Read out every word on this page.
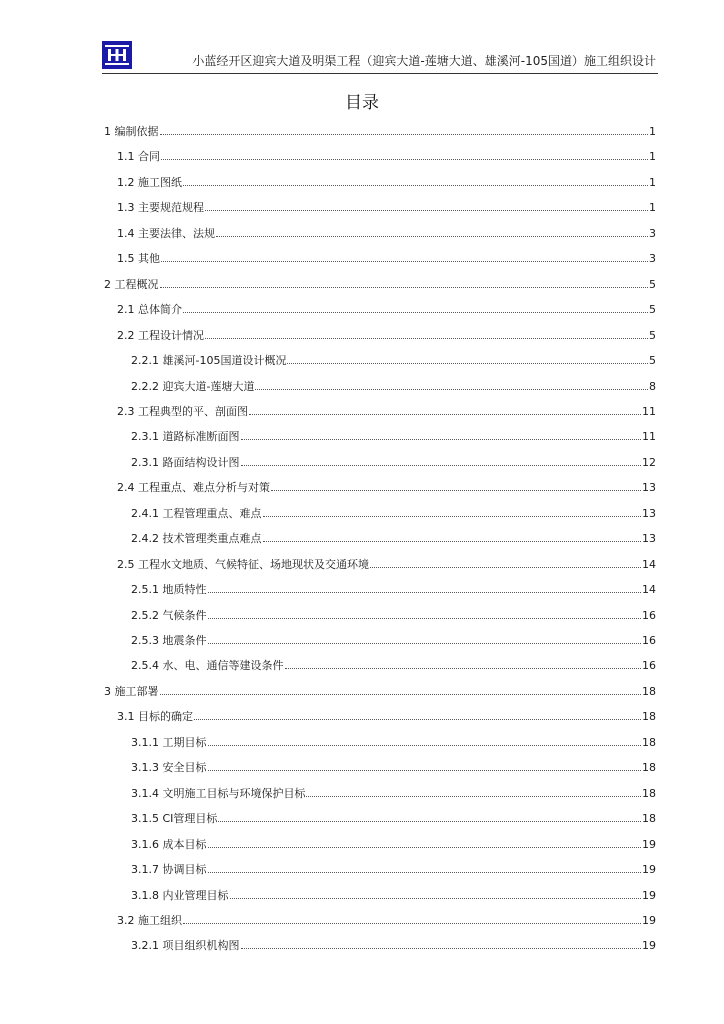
小蓝经开区迎宾大道及明渠工程（迎宾大道-莲塘大道、雄溪河-105国道）施工组织设计
目录
1 编制依据	1
1.1 合同	1
1.2 施工图纸	1
1.3 主要规范规程	1
1.4 主要法律、法规	3
1.5 其他	3
2 工程概况	5
2.1 总体简介	5
2.2 工程设计情况	5
2.2.1 雄溪河-105国道设计概况	5
2.2.2 迎宾大道-莲塘大道	8
2.3 工程典型的平、剖面图	11
2.3.1 道路标准断面图	11
2.3.1 路面结构设计图	12
2.4 工程重点、难点分析与对策	13
2.4.1 工程管理重点、难点	13
2.4.2 技术管理类重点难点	13
2.5 工程水文地质、气候特征、场地现状及交通环境	14
2.5.1 地质特性	14
2.5.2 气候条件	16
2.5.3 地震条件	16
2.5.4 水、电、通信等建设条件	16
3 施工部署	18
3.1 目标的确定	18
3.1.1 工期目标	18
3.1.3 安全目标	18
3.1.4 文明施工目标与环境保护目标	18
3.1.5 CI管理目标	18
3.1.6 成本目标	19
3.1.7 协调目标	19
3.1.8 内业管理目标	19
3.2 施工组织	19
3.2.1 项目组织机构图	19
